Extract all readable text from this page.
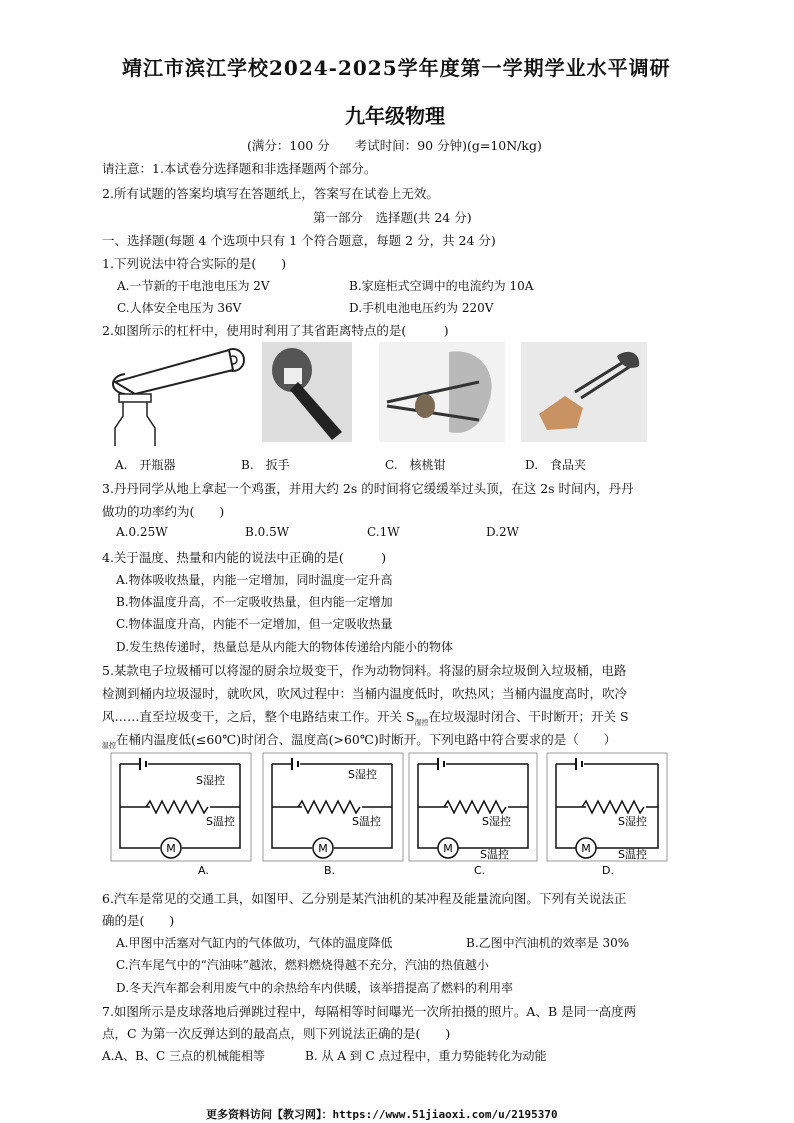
靖江市滨江学校2024-2025学年度第一学期学业水平调研
九年级物理
(满分：100 分　　考试时间：90 分钟)(g=10N/kg)
请注意：1.本试卷分选择题和非选择题两个部分。
2.所有试题的答案均填写在答题纸上，答案写在试卷上无效。
第一部分　选择题(共 24 分)
一、选择题(每题 4 个选项中只有 1 个符合题意，每题 2 分，共 24 分)
1.下列说法中符合实际的是(　　)
A.一节新的干电池电压为 2V	B.家庭柜式空调中的电流约为 10A
C.人体安全电压为 36V	D.手机电池电压约为 220V
2.如图所示的杠杆中，使用时利用了其省距离特点的是(　　　)
A.　开瓶器	B.　扳手	C.　核桃钳	D.　食品夹
3.丹丹同学从地上拿起一个鸡蛋，并用大约 2s 的时间将它缓缓举过头顶，在这 2s 时间内，丹丹
做功的功率约为(　　)
A.0.25W	B.0.5W	C.1W	D.2W
4.关于温度、热量和内能的说法中正确的是(　　　)
A.物体吸收热量，内能一定增加，同时温度一定升高
B.物体温度升高，不一定吸收热量，但内能一定增加
C.物体温度升高，内能不一定增加，但一定吸收热量
D.发生热传递时，热量总是从内能大的物体传递给内能小的物体
5.某款电子垃圾桶可以将湿的厨余垃圾变干，作为动物饲料。将湿的厨余垃圾倒入垃圾桶，电路
检测到桶内垃圾湿时，就吹风，吹风过程中：当桶内温度低时，吹热风；当桶内温度高时，吹冷
风……直至垃圾变干，之后，整个电路结束工作。开关 $S_{湿控}$在垃圾湿时闭合、干时断开；开关 S
$_{温控}$在桶内温度低(≤60℃)时闭合、温度高(>60℃)时断开。下列电路中符合要求的是（　　）
M
S湿控
S温控
A.
M
S湿控
S温控
B.
M
S湿控
S温控
C.
M
S湿控
S温控
D.
6.汽车是常见的交通工具，如图甲、乙分别是某汽油机的某冲程及能量流向图。下列有关说法正
确的是(　　)
A.甲图中活塞对气缸内的气体做功，气体的温度降低	B.乙图中汽油机的效率是 30%
C.汽车尾气中的“汽油味”越浓，燃料燃烧得越不充分，汽油的热值越小
D.冬天汽车都会利用废气中的余热给车内供暖，该举措提高了燃料的利用率
7.如图所示是皮球落地后弹跳过程中，每隔相等时间曝光一次所拍摄的照片。A、B 是同一高度两
点，C 为第一次反弹达到的最高点，则下列说法正确的是(　　)
A.A、B、C 三点的机械能相等	B. 从 A 到 C 点过程中，重力势能转化为动能
更多资料访问【教习网】：https://www.51jiaoxi.com/u/2195370
